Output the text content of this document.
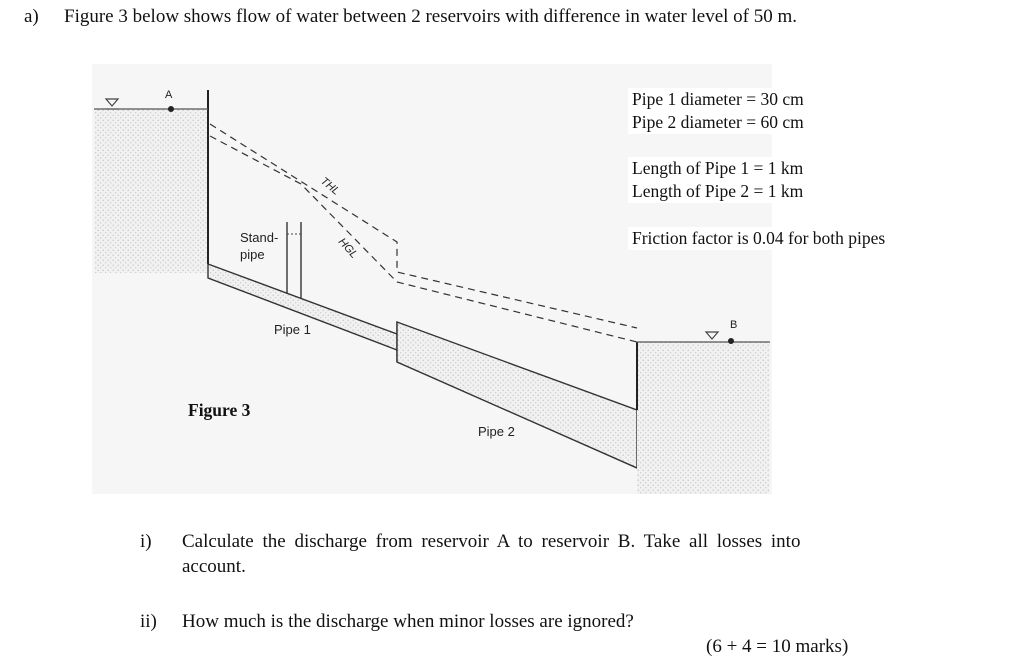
a) Figure 3 below shows flow of water between 2 reservoirs with difference in water level of 50 m.
A
B
Stand-
pipe
Pipe 1
Pipe 2
THL
HGL
Figure 3
Pipe 1 diameter = 30 cm
Pipe 2 diameter = 60 cm
Length of Pipe 1 = 1 km
Length of Pipe 2 = 1 km
Friction factor is 0.04 for both pipes
i) Calculate the discharge from reservoir A to reservoir B. Take all losses into
account.
ii) How much is the discharge when minor losses are ignored?
(6 + 4 = 10 marks)
